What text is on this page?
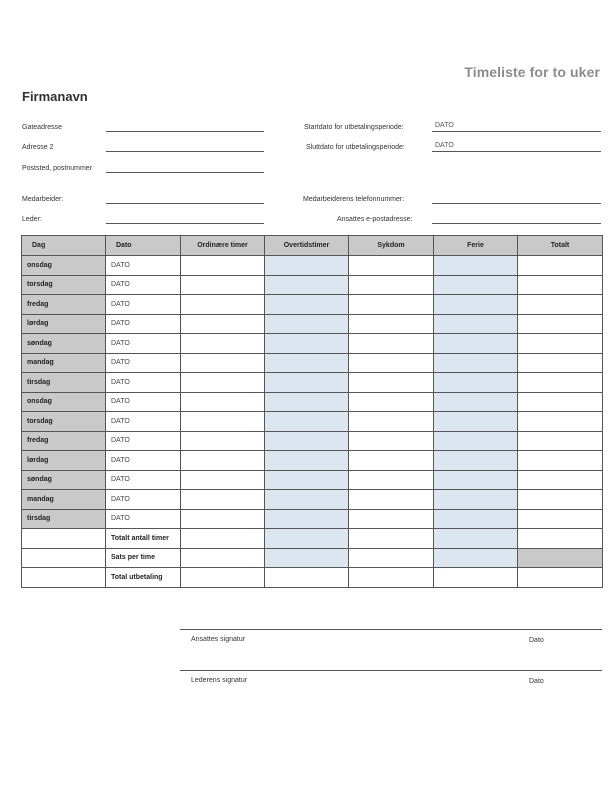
Timeliste for to uker
Firmanavn
Gateadresse
Adresse 2
Poststed, postnummer
Medarbeider:
Leder:
Startdato for utbetalingsperiode:	DATO
Sluttdato for utbetalingsperiode:	DATO
Medarbeiderens telefonnummer:
Ansattes e-postadresse:
Dag	Dato	Ordinære timer	Overtidstimer	Sykdom	Ferie	Totalt
onsdag	DATO					
torsdag	DATO					
fredag	DATO					
lørdag	DATO					
søndag	DATO					
mandag	DATO					
tirsdag	DATO					
onsdag	DATO					
torsdag	DATO					
fredag	DATO					
lørdag	DATO					
søndag	DATO					
mandag	DATO					
tirsdag	DATO					
	Totalt antall timer					
	Sats per time					
	Total utbetaling					
Ansattes signatur	Dato
Lederens signatur	Dato
